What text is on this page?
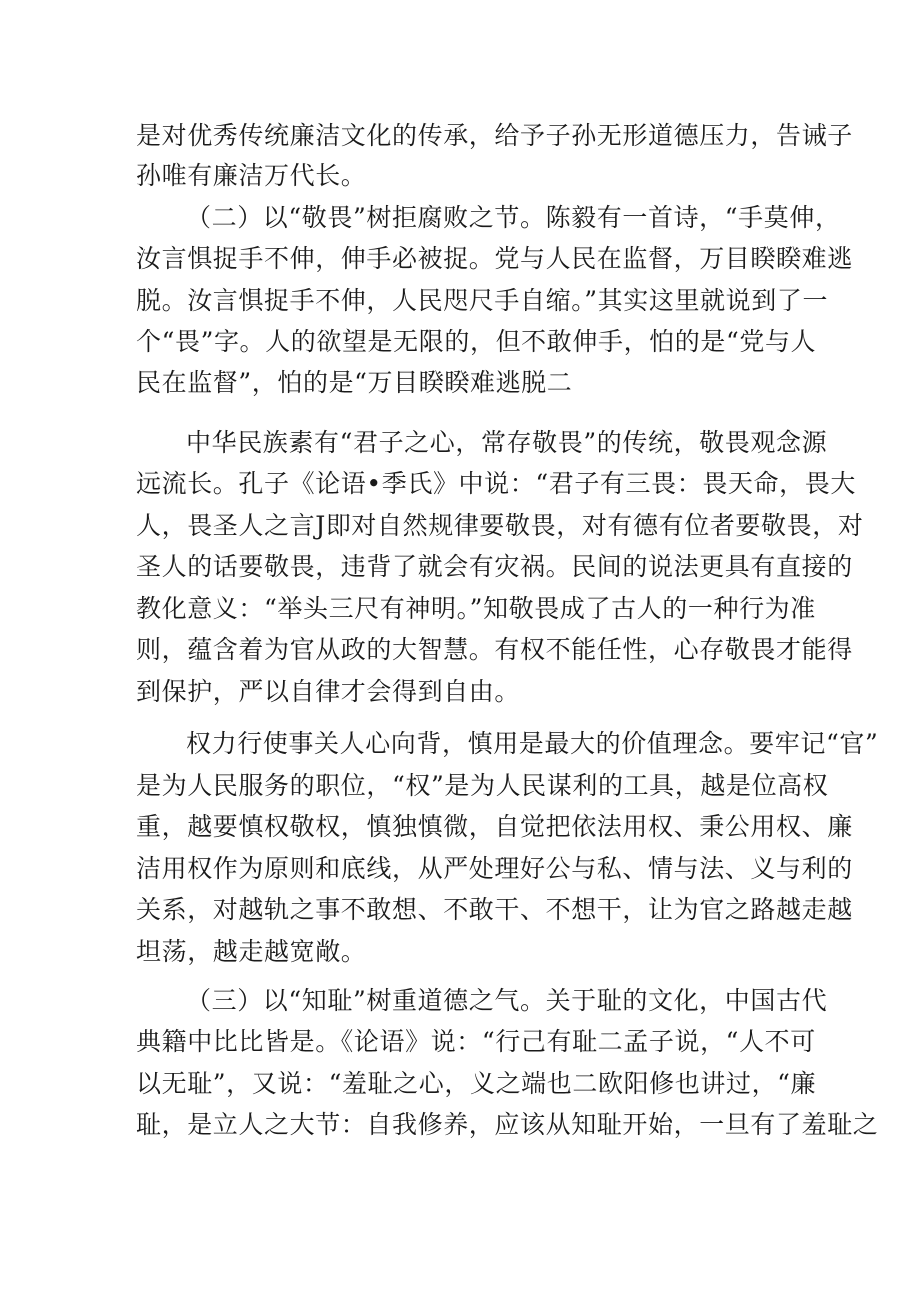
是对优秀传统廉洁文化的传承，给予子孙无形道德压力，告诫子

孙唯有廉洁万代长。

（二）以“敬畏”树拒腐败之节。陈毅有一首诗，“手莫伸，

汝言惧捉手不伸，伸手必被捉。党与人民在监督，万目睽睽难逃

脱。汝言惧捉手不伸，人民咫尺手自缩。”其实这里就说到了一

个“畏”字。人的欲望是无限的，但不敢伸手，怕的是“党与人

民在监督”，怕的是“万目睽睽难逃脱二

中华民族素有“君子之心，常存敬畏”的传统，敬畏观念源

远流长。孔子《论语•季氏》中说：“君子有三畏：畏天命，畏大

人，畏圣人之言J即对自然规律要敬畏，对有德有位者要敬畏，对

圣人的话要敬畏，违背了就会有灾祸。民间的说法更具有直接的

教化意义：“举头三尺有神明。”知敬畏成了古人的一种行为准

则，蕴含着为官从政的大智慧。有权不能任性，心存敬畏才能得

到保护，严以自律才会得到自由。

权力行使事关人心向背，慎用是最大的价值理念。要牢记“官”

是为人民服务的职位，“权”是为人民谋利的工具，越是位高权

重，越要慎权敬权，慎独慎微，自觉把依法用权、秉公用权、廉

洁用权作为原则和底线，从严处理好公与私、情与法、义与利的

关系，对越轨之事不敢想、不敢干、不想干，让为官之路越走越

坦荡，越走越宽敞。

（三）以“知耻”树重道德之气。关于耻的文化，中国古代

典籍中比比皆是。《论语》说：“行己有耻二孟子说，“人不可

以无耻”，又说：“羞耻之心，义之端也二欧阳修也讲过，“廉

耻，是立人之大节：自我修养，应该从知耻开始，一旦有了羞耻之
